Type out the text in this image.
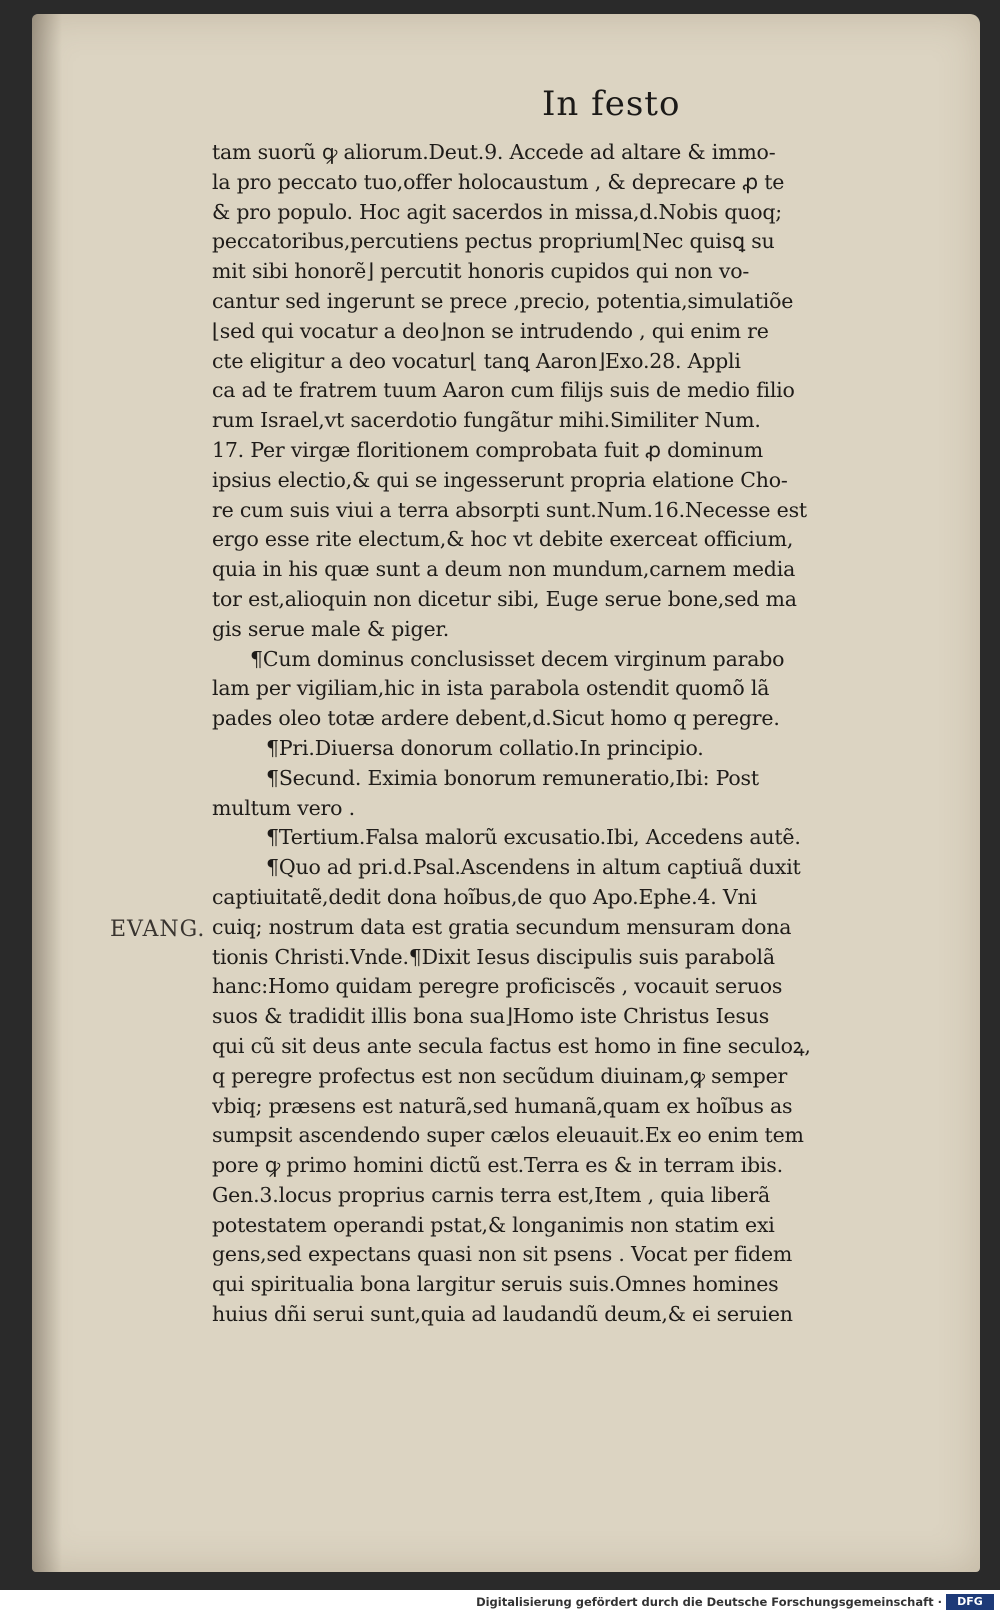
In festo
EVANG.
tam suorũ ꝙ aliorum.Deut.9. Accede ad altare & immo-
la pro peccato tuo,offer holocaustum , & deprecare ꝓ te
& pro populo. Hoc agit sacerdos in missa,d.Nobis quoq;
peccatoribus,percutiens pectus proprium⌊Nec quisꝗ su
mit sibi honorẽ⌋ percutit honoris cupidos qui non vo-
cantur sed ingerunt se prece ,precio, potentia,simulatiõe
⌊sed qui vocatur a deo⌋non se intrudendo , qui enim re
cte eligitur a deo vocatur⌊ tanꝗ Aaron⌋Exo.28. Appli
ca ad te fratrem tuum Aaron cum filijs suis de medio filio
rum Israel,vt sacerdotio fungãtur mihi.Similiter Num.
17. Per virgæ floritionem comprobata fuit ꝓ dominum
ipsius electio,& qui se ingesserunt propria elatione Cho-
re cum suis viui a terra absorpti sunt.Num.16.Necesse est
ergo esse rite electum,& hoc vt debite exerceat officium,
quia in his quæ sunt a deum non mundum,carnem media
tor est,alioquin non dicetur sibi, Euge serue bone,sed ma
gis serue male & piger.
¶Cum dominus conclusisset decem virginum parabo
lam per vigiliam,hic in ista parabola ostendit quomõ lã
pades oleo totæ ardere debent,d.Sicut homo q peregre.
¶Pri.Diuersa donorum collatio.In principio.
¶Secund. Eximia bonorum remuneratio,Ibi: Post
multum vero .
¶Tertium.Falsa malorũ excusatio.Ibi, Accedens autẽ.
¶Quo ad pri.d.Psal.Ascendens in altum captiuã duxit
captiuitatẽ,dedit dona hoĩbus,de quo Apo.Ephe.4. Vni
cuiq; nostrum data est gratia secundum mensuram dona
tionis Christi.Vnde.¶Dixit Iesus discipulis suis parabolã
hanc:Homo quidam peregre proficiscẽs , vocauit seruos
suos & tradidit illis bona sua⌋Homo iste Christus Iesus
qui cũ sit deus ante secula factus est homo in fine seculoꝝ,
q peregre profectus est non secũdum diuinam,ꝙ semper
vbiq; præsens est naturã,sed humanã,quam ex hoĩbus as
sumpsit ascendendo super cælos eleuauit.Ex eo enim tem
pore ꝙ primo homini dictũ est.Terra es & in terram ibis.
Gen.3.locus proprius carnis terra est,Item , quia liberã
potestatem operandi pstat,& longanimis non statim exi
gens,sed expectans quasi non sit psens . Vocat per fidem
qui spiritualia bona largitur seruis suis.Omnes homines
huius dñi serui sunt,quia ad laudandũ deum,& ei seruien
Digitalisierung gefördert durch die Deutsche Forschungsgemeinschaft ·	DFG
